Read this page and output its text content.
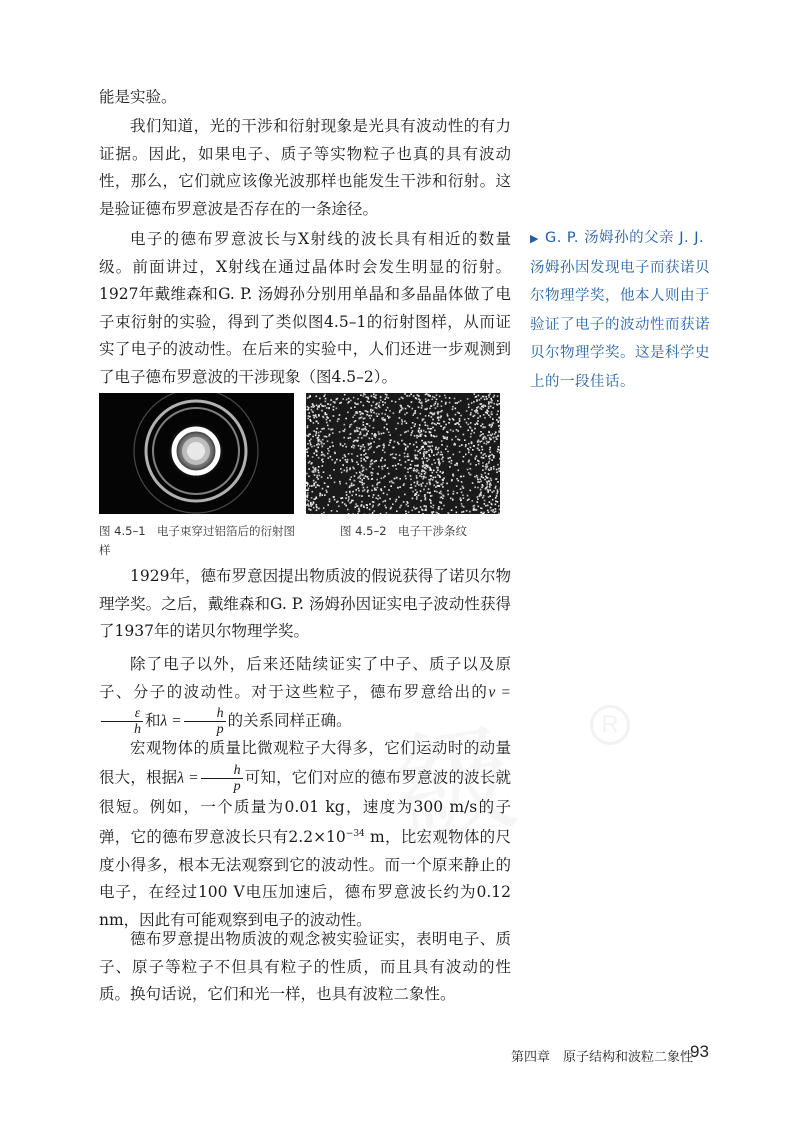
R

能是实验。

我们知道，光的干涉和衍射现象是光具有波动性的有力证据。因此，如果电子、质子等实物粒子也真的具有波动性，那么，它们就应该像光波那样也能发生干涉和衍射。这是验证德布罗意波是否存在的一条途径。

电子的德布罗意波长与X射线的波长具有相近的数量级。前面讲过，X射线在通过晶体时会发生明显的衍射。1927年戴维森和G. P. 汤姆孙分别用单晶和多晶晶体做了电子束衍射的实验，得到了类似图4.5–1的衍射图样，从而证实了电子的波动性。在后来的实验中，人们还进一步观测到了电子德布罗意波的干涉现象（图4.5–2）。

▶ G. P. 汤姆孙的父亲 J. J. 汤姆孙因发现电子而获诺贝尔物理学奖，他本人则由于验证了电子的波动性而获诺贝尔物理学奖。这是科学史上的一段佳话。
图 4.5–1　电子束穿过铝箔后的衍射图样
图 4.5–2　电子干涉条纹

1929年，德布罗意因提出物质波的假说获得了诺贝尔物理学奖。之后，戴维森和G. P. 汤姆孙因证实电子波动性获得了1937年的诺贝尔物理学奖。

除了电子以外，后来还陆续证实了中子、质子以及原子、分子的波动性。对于这些粒子，德布罗意给出的ν =
$\frac{\varepsilon}{h}$ 和$\lambda = \frac{h}{p}$ 的关系同样正确。

宏观物体的质量比微观粒子大得多，它们运动时的动量很大，根据$\lambda = \frac{h}{p}$ 可知，它们对应的德布罗意波的波长就很短。例如，一个质量为0.01 kg，速度为300 m/s的子弹，它的德布罗意波长只有$2.2\times 10^{-34}$ m，比宏观物体的尺度小得多，根本无法观察到它的波动性。而一个原来静止的电子，在经过100 V电压加速后，德布罗意波长约为0.12 nm，因此有可能观察到电子的波动性。

德布罗意提出物质波的观念被实验证实，表明电子、质子、原子等粒子不但具有粒子的性质，而且具有波动的性质。换句话说，它们和光一样，也具有波粒二象性。

第四章　原子结构和波粒二象性
93
